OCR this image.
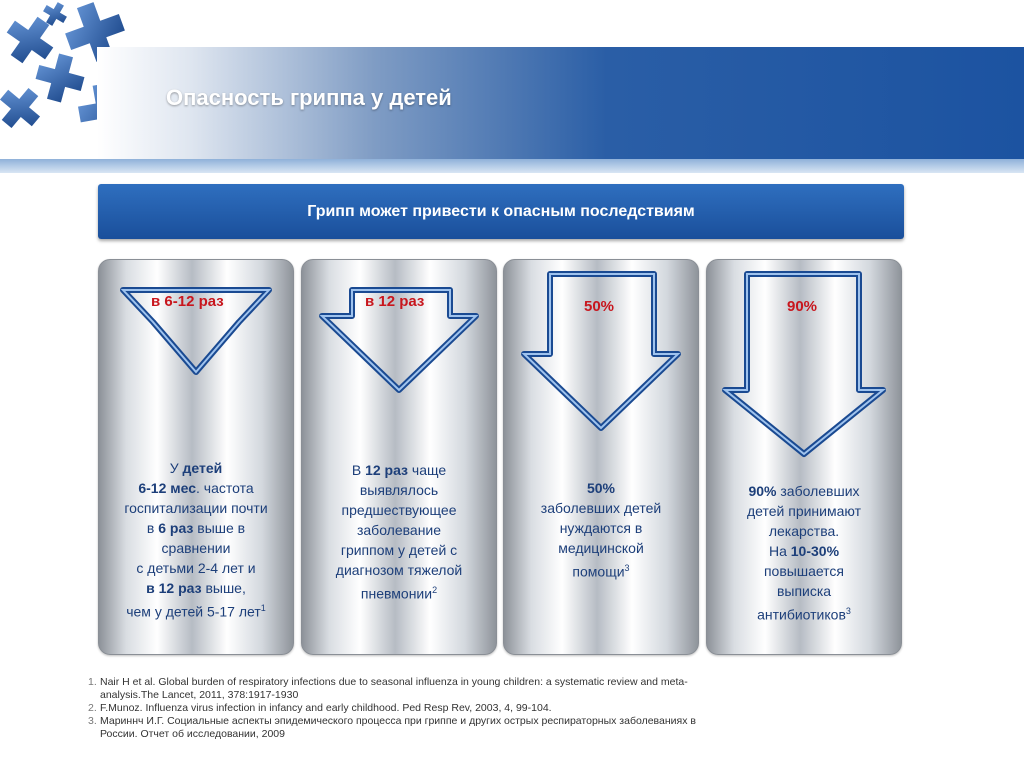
Опасность гриппа у детей
Грипп может привести к опасным последствиям
в 6-12 раз
У детей
6-12 мес. частота
госпитализации почти
в 6 раз выше в
сравнении
с детьми 2-4 лет и
в 12 раз выше,
чем у детей 5-17 лет$^1$
в 12 раз
В 12 раз чаще
выявлялось
предшествующее
заболевание
гриппом у детей с
диагнозом тяжелой
пневмонии$^2$
50%
50%
заболевших детей
нуждаются в
медицинской
помощи$^3$
90%
90% заболевших
детей принимают
лекарства.
На 10-30%
повышается
выписка
антибиотиков$^3$
1. Nair H et al. Global burden of respiratory infections due to seasonal influenza in young children: a systematic review and meta-
analysis.The Lancet, 2011, 378:1917-1930
2. F.Munoz. Influenza virus infection in infancy and early childhood. Ped Resp Rev, 2003, 4, 99-104.
3. Мариннч И.Г. Социальные аспекты эпидемического процесса при гриппе и других острых респираторных заболеваниях в
России. Отчет об исследовании, 2009
